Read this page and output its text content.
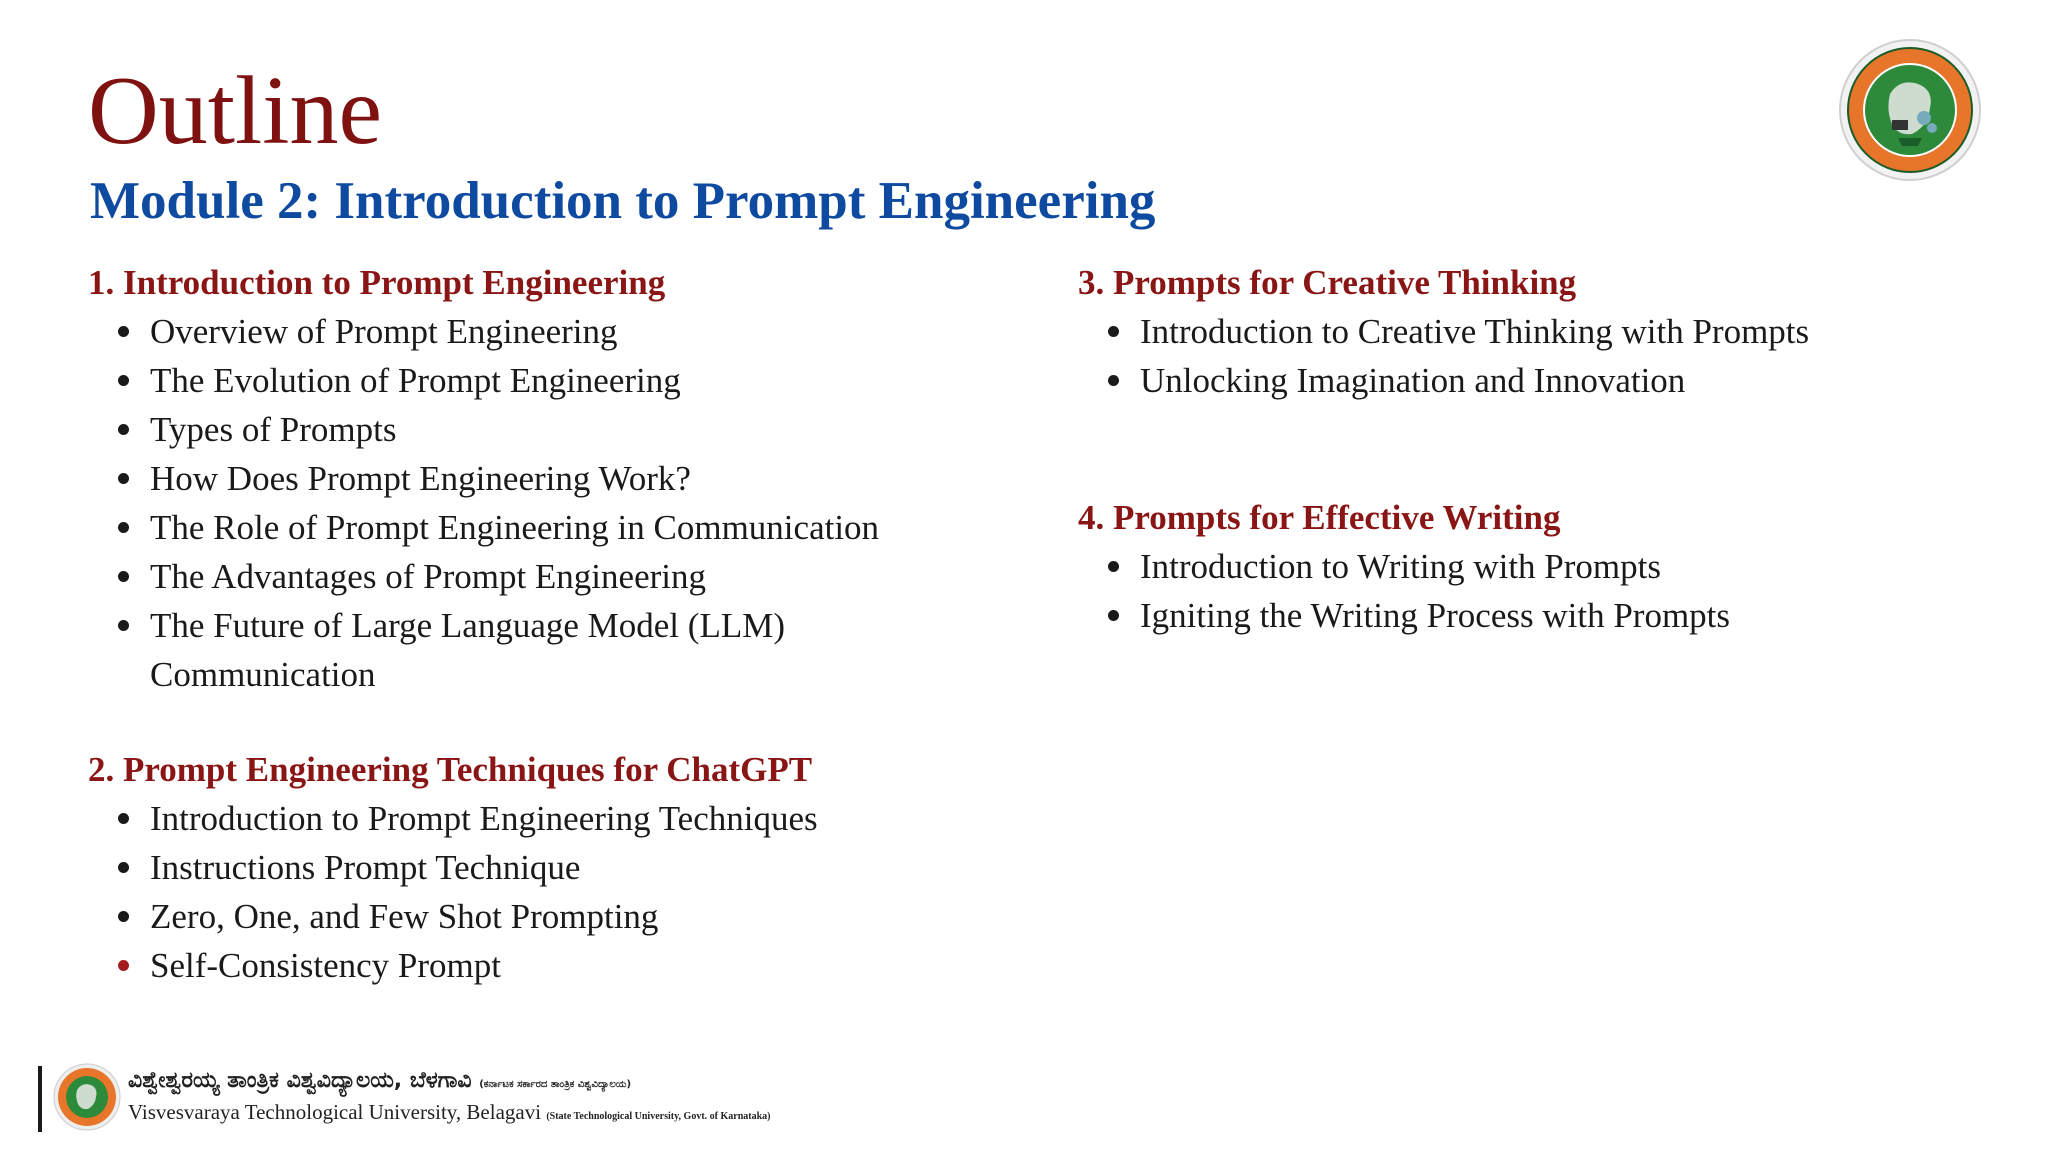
Outline
Module 2: Introduction to Prompt Engineering
1. Introduction to Prompt Engineering
Overview of Prompt Engineering
The Evolution of Prompt Engineering
Types of Prompts
How Does Prompt Engineering Work?
The Role of Prompt Engineering in Communication
The Advantages of Prompt Engineering
The Future of Large Language Model (LLM) Communication
2. Prompt Engineering Techniques for ChatGPT
Introduction to Prompt Engineering Techniques
Instructions Prompt Technique
Zero, One, and Few Shot Prompting
Self-Consistency Prompt
3. Prompts for Creative Thinking
Introduction to Creative Thinking with Prompts
Unlocking Imagination and Innovation
4. Prompts for Effective Writing
Introduction to Writing with Prompts
Igniting the Writing Process with Prompts
ವಿಶ್ವೇಶ್ವರಯ್ಯ ತಾಂತ್ರಿಕ ವಿಶ್ವವಿದ್ಯಾಲಯ, ಬೆಳಗಾವಿ (ಕರ್ನಾಟಕ ಸರ್ಕಾರದ ತಾಂತ್ರಿಕ ವಿಶ್ವವಿದ್ಯಾಲಯ)
Visvesvaraya Technological University, Belagavi (State Technological University, Govt. of Karnataka)
